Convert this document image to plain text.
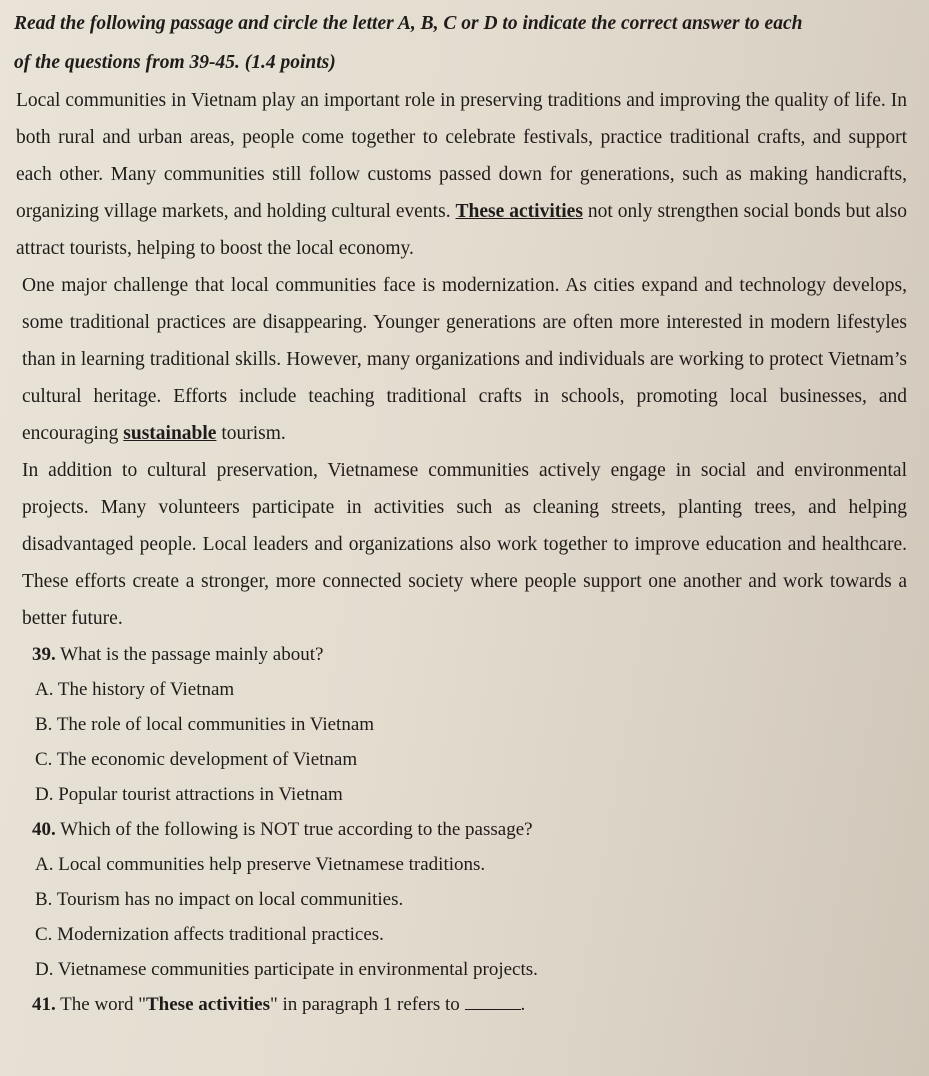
Read the following passage and circle the letter A, B, C or D to indicate the correct answer to each
of the questions from 39-45. (1.4 points)

Local communities in Vietnam play an important role in preserving traditions and improving the quality of life. In both rural and urban areas, people come together to celebrate festivals, practice traditional crafts, and support each other. Many communities still follow customs passed down for generations, such as making handicrafts, organizing village markets, and holding cultural events. These activities not only strengthen social bonds but also attract tourists, helping to boost the local economy.

One major challenge that local communities face is modernization. As cities expand and technology develops, some traditional practices are disappearing. Younger generations are often more interested in modern lifestyles than in learning traditional skills. However, many organizations and individuals are working to protect Vietnam’s cultural heritage. Efforts include teaching traditional crafts in schools, promoting local businesses, and encouraging sustainable tourism.

In addition to cultural preservation, Vietnamese communities actively engage in social and environmental projects. Many volunteers participate in activities such as cleaning streets, planting trees, and helping disadvantaged people. Local leaders and organizations also work together to improve education and healthcare. These efforts create a stronger, more connected society where people support one another and work towards a better future.

39. What is the passage mainly about?

A. The history of Vietnam

B. The role of local communities in Vietnam

C. The economic development of Vietnam

D. Popular tourist attractions in Vietnam

40. Which of the following is NOT true according to the passage?

A. Local communities help preserve Vietnamese traditions.

B. Tourism has no impact on local communities.

C. Modernization affects traditional practices.

D. Vietnamese communities participate in environmental projects.

41. The word "These activities" in paragraph 1 refers to	.
